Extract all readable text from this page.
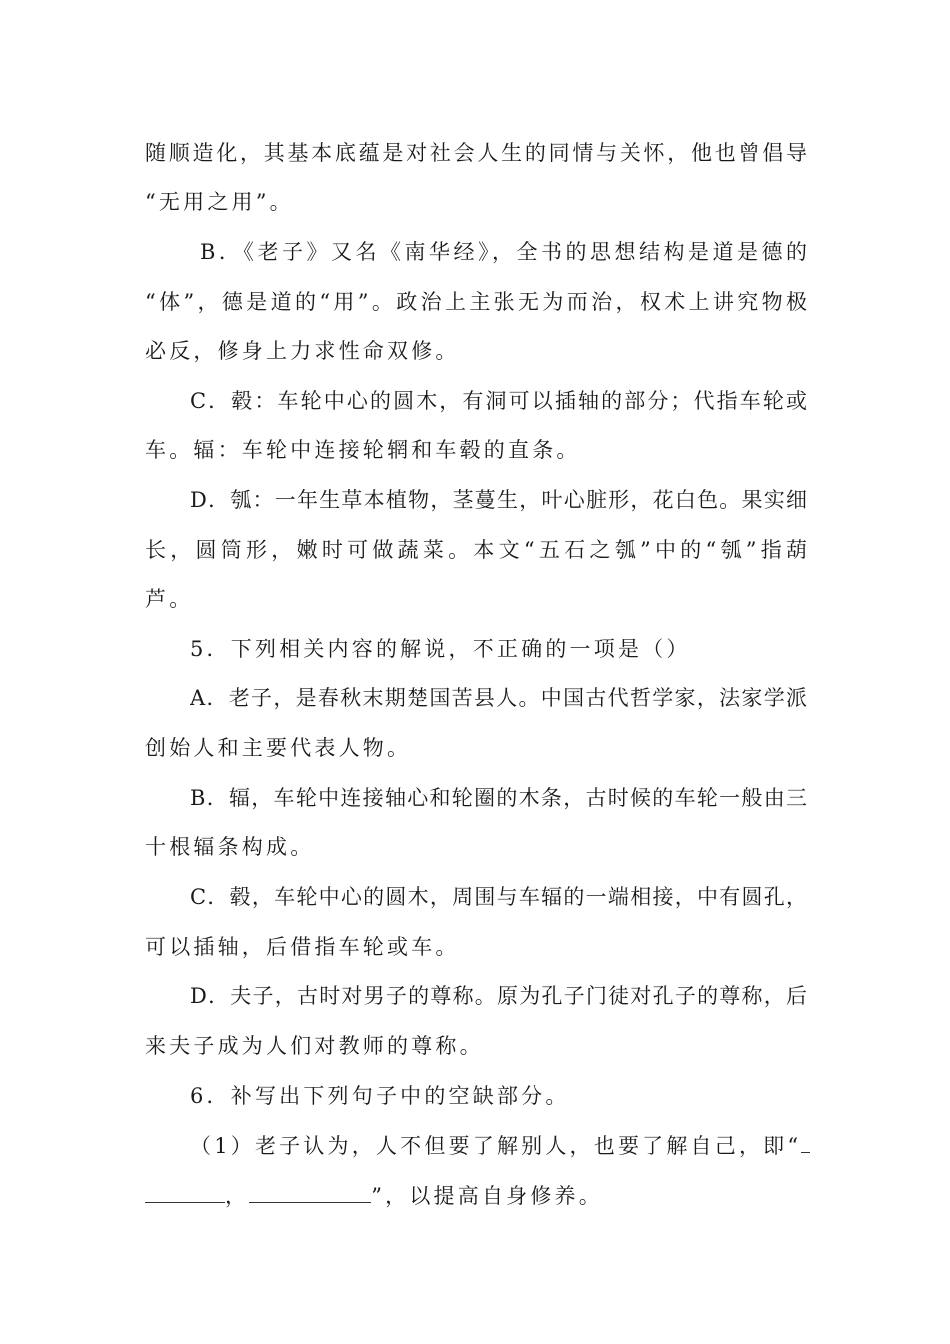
随顺造化，其基本底蕴是对社会人生的同情与关怀，他也曾倡导
“无用之用”。
B．《老子》又名《南华经》，全书的思想结构是道是德的
“体”，德是道的“用”。政治上主张无为而治，权术上讲究物极
必反，修身上力求性命双修。
C．毂：车轮中心的圆木，有洞可以插轴的部分；代指车轮或
车。辐：车轮中连接轮辋和车毂的直条。
D．瓠：一年生草本植物，茎蔓生，叶心脏形，花白色。果实细
长，圆筒形，嫩时可做蔬菜。本文“五石之瓠”中的“瓠”指葫
芦。
5．下列相关内容的解说，不正确的一项是（）
A．老子，是春秋末期楚国苦县人。中国古代哲学家，法家学派
创始人和主要代表人物。
B．辐，车轮中连接轴心和轮圈的木条，古时候的车轮一般由三
十根辐条构成。
C．毂，车轮中心的圆木，周围与车辐的一端相接，中有圆孔，
可以插轴，后借指车轮或车。
D．夫子，古时对男子的尊称。原为孔子门徒对孔子的尊称，后
来夫子成为人们对教师的尊称。
6．补写出下列句子中的空缺部分。
（1）老子认为，人不但要了解别人，也要了解自己，即“
，	”，以提高自身修养。
